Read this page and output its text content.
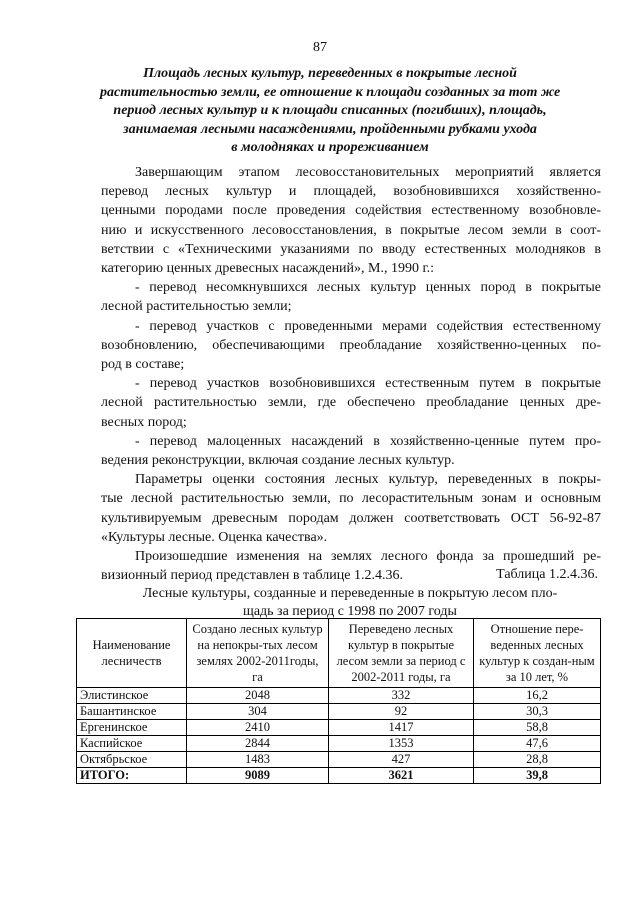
87
Площадь лесных культур, переведенных в покрытые лесной
растительностью земли, ее отношение к площади созданных за тот же
период лесных культур и к площади списанных (погибших), площадь,
занимаемая лесными насаждениями, пройденными рубками ухода
в молодняках и прореживанием
Завершающим этапом лесовосстановительных мероприятий является
перевод лесных культур и площадей, возобновившихся хозяйственно-
ценными породами после проведения содействия естественному возобновле-
нию и искусственного лесовосстановления, в покрытые лесом земли в соот-
ветствии с «Техническими указаниями по вводу естественных молодняков в
категорию ценных древесных насаждений», М., 1990 г.:
- перевод несомкнувшихся лесных культур ценных пород в покрытые
лесной растительностью земли;
- перевод участков с проведенными мерами содействия естественному
возобновлению, обеспечивающими преобладание хозяйственно-ценных по-
род в составе;
- перевод участков возобновившихся естественным путем в покрытые
лесной растительностью земли, где обеспечено преобладание ценных дре-
весных пород;
- перевод малоценных насаждений в хозяйственно-ценные путем про-
ведения реконструкции, включая создание лесных культур.
Параметры оценки состояния лесных культур, переведенных в покры-
тые лесной растительностью земли, по лесорастительным зонам и основным
культивируемым древесным породам должен соответствовать ОСТ 56-92-87
«Культуры лесные. Оценка качества».
Произошедшие изменения на землях лесного фонда за прошедший ре-
визионный период представлен в таблице 1.2.4.36.	Таблица 1.2.4.36.
Лесные культуры, созданные и переведенные в покрытую лесом пло-
щадь за период с 1998 по 2007 годы
Наименование лесничеств	Создано лесных культур на непокры-тых лесом землях 2002-2011годы, га	Переведено лесных культур в покрытые лесом земли за период с 2002-2011 годы, га	Отношение пере-веденных лесных культур к создан-ным за 10 лет, %
Элистинское	2048	332	16,2
Башантинское	304	92	30,3
Ергенинское	2410	1417	58,8
Каспийское	2844	1353	47,6
Октябрьское	1483	427	28,8
ИТОГО:	9089	3621	39,8
